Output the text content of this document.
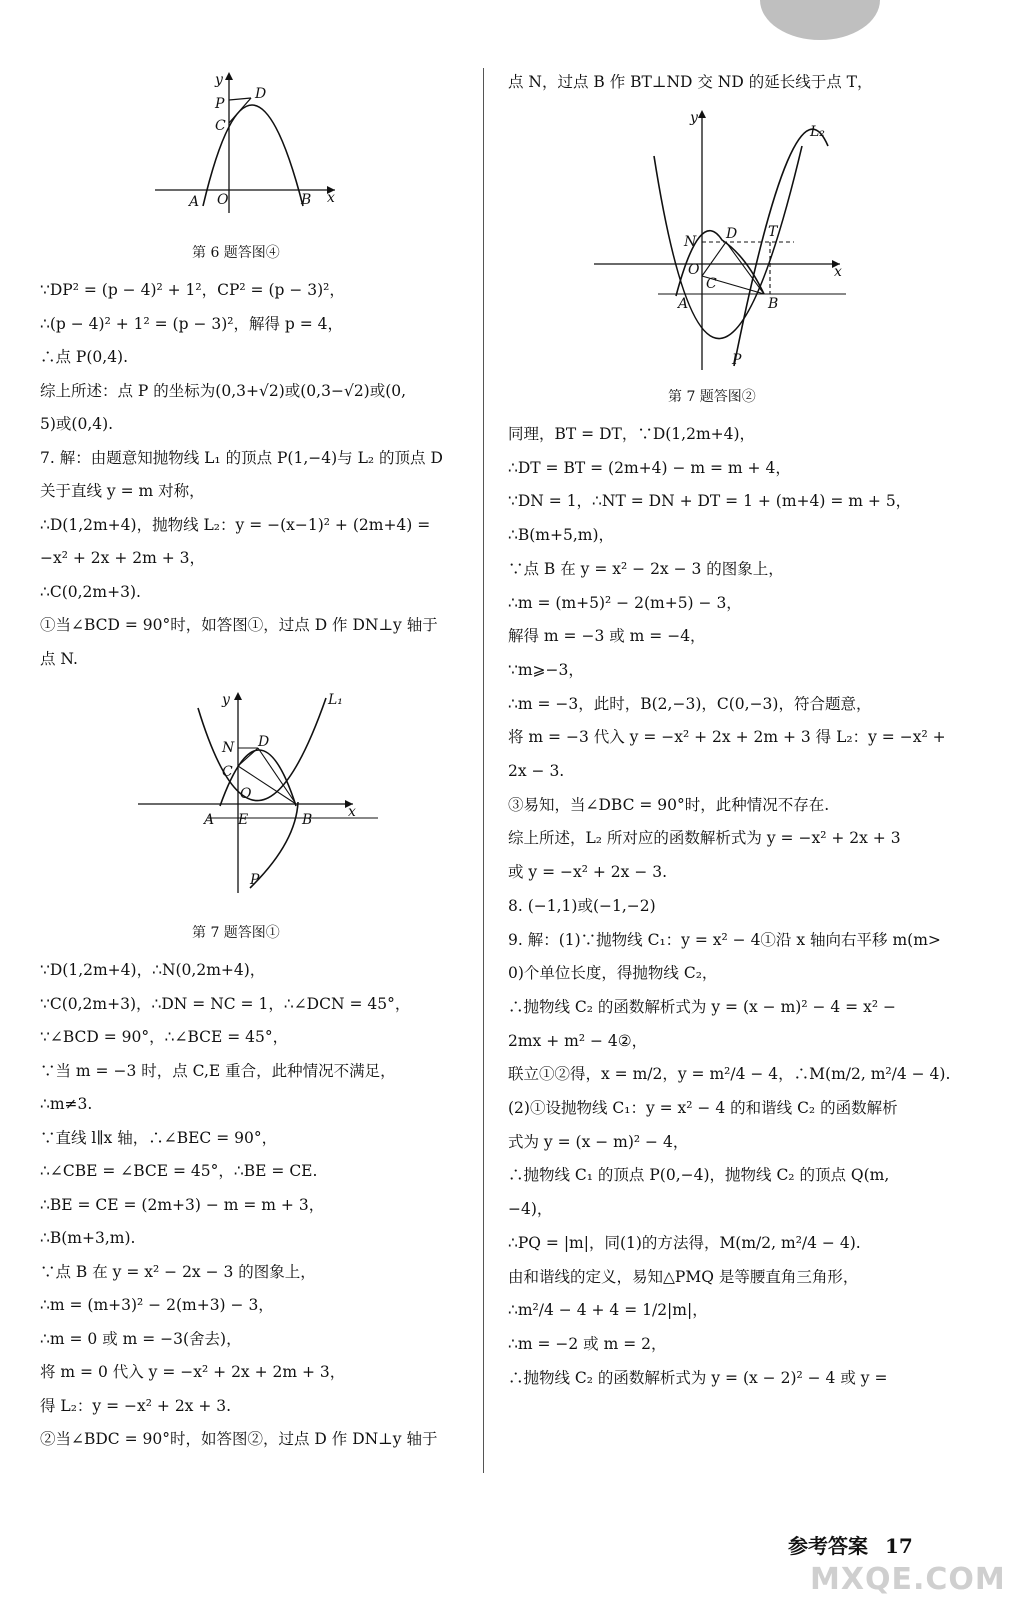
y
P
D
C
A O	B x
第 6 题答图④
∵DP² = (p − 4)² + 1²，CP² = (p − 3)²，
∴(p − 4)² + 1² = (p − 3)²，解得 p = 4，
∴点 P(0,4).
综上所述：点 P 的坐标为(0,3+√2)或(0,3−√2)或(0,
5)或(0,4).
7. 解：由题意知抛物线 L₁ 的顶点 P(1,−4)与 L₂ 的顶点 D
关于直线 y = m 对称，
∴D(1,2m+4)，抛物线 L₂：y = −(x−1)² + (2m+4) =
−x² + 2x + 2m + 3，
∴C(0,2m+3).
①当∠BCD = 90°时，如答图①，过点 D 作 DN⊥y 轴于
点 N.
y	L₁
N D
C
O
A E	B	x
P
第 7 题答图①
∵D(1,2m+4)，∴N(0,2m+4)，
∵C(0,2m+3)，∴DN = NC = 1，∴∠DCN = 45°，
∵∠BCD = 90°，∴∠BCE = 45°，
∵当 m = −3 时，点 C,E 重合，此种情况不满足，
∴m≠3.
∵直线 l∥x 轴，∴∠BEC = 90°，
∴∠CBE = ∠BCE = 45°，∴BE = CE.
∴BE = CE = (2m+3) − m = m + 3，
∴B(m+3,m).
∵点 B 在 y = x² − 2x − 3 的图象上，
∴m = (m+3)² − 2(m+3) − 3，
∴m = 0 或 m = −3(舍去)，
将 m = 0 代入 y = −x² + 2x + 2m + 3，
得 L₂：y = −x² + 2x + 3.
②当∠BDC = 90°时，如答图②，过点 D 作 DN⊥y 轴于
点 N，过点 B 作 BT⊥ND 交 ND 的延长线于点 T，
y
L₂
N D T
O
C
A	B
x
P
第 7 题答图②
同理，BT = DT，∵D(1,2m+4)，
∴DT = BT = (2m+4) − m = m + 4，
∵DN = 1，∴NT = DN + DT = 1 + (m+4) = m + 5，
∴B(m+5,m)，
∵点 B 在 y = x² − 2x − 3 的图象上，
∴m = (m+5)² − 2(m+5) − 3，
解得 m = −3 或 m = −4，
∵m⩾−3，
∴m = −3，此时，B(2,−3)，C(0,−3)，符合题意，
将 m = −3 代入 y = −x² + 2x + 2m + 3 得 L₂：y = −x² +
2x − 3.
③易知，当∠DBC = 90°时，此种情况不存在.
综上所述，L₂ 所对应的函数解析式为 y = −x² + 2x + 3
或 y = −x² + 2x − 3.
8. (−1,1)或(−1,−2)
9. 解：(1)∵抛物线 C₁：y = x² − 4①沿 x 轴向右平移 m(m>
0)个单位长度，得抛物线 C₂，
∴抛物线 C₂ 的函数解析式为 y = (x − m)² − 4 = x² −
2mx + m² − 4②，
联立①②得，x = m/2，y = m²/4 − 4，∴M(m/2, m²/4 − 4).
(2)①设抛物线 C₁：y = x² − 4 的和谐线 C₂ 的函数解析
式为 y = (x − m)² − 4，
∴抛物线 C₁ 的顶点 P(0,−4)，抛物线 C₂ 的顶点 Q(m,
−4)，
∴PQ = |m|，同(1)的方法得，M(m/2, m²/4 − 4).
由和谐线的定义，易知△PMQ 是等腰直角三角形，
∴m²/4 − 4 + 4 = 1/2|m|，
∴m = −2 或 m = 2，
∴抛物线 C₂ 的函数解析式为 y = (x − 2)² − 4 或 y =
参考答案 17
MXQE.COM
